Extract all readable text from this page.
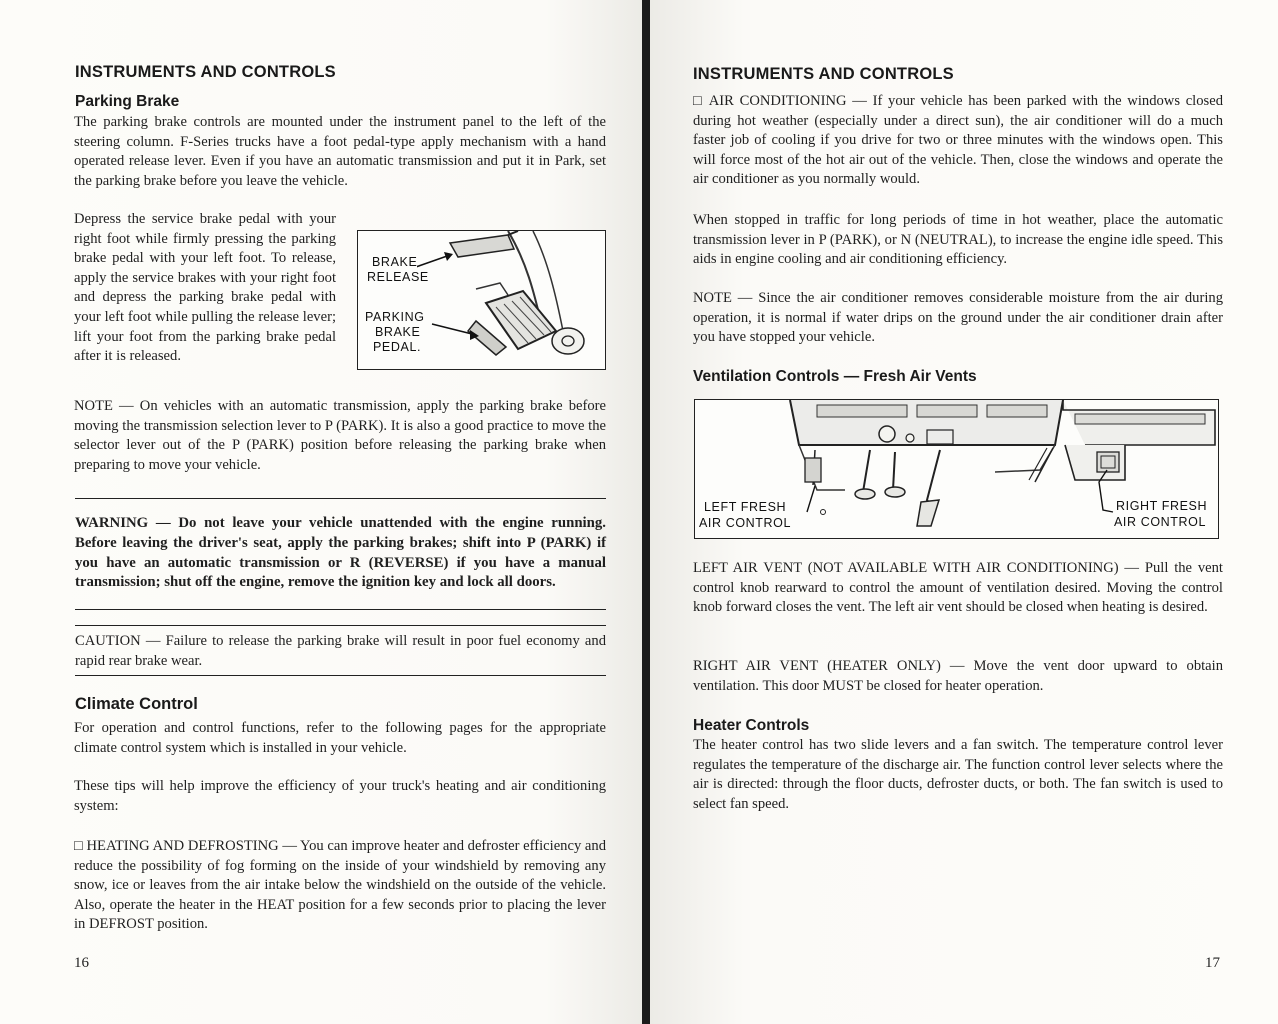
INSTRUMENTS AND CONTROLS
Parking Brake
The parking brake controls are mounted under the instrument panel to the left of the steering column. F-Series trucks have a foot pedal-type apply mechanism with a hand operated release lever. Even if you have an automatic transmission and put it in Park, set the parking brake before you leave the vehicle.
Depress the service brake pedal with your right foot while firmly pressing the parking brake pedal with your left foot. To release, apply the service brakes with your right foot and depress the parking brake pedal with your left foot while pulling the release lever; lift your foot from the parking brake pedal after it is released.
BRAKE
RELEASE
PARKING
BRAKE
PEDAL.
NOTE — On vehicles with an automatic transmission, apply the parking brake before moving the transmission selection lever to P (PARK). It is also a good practice to move the selector lever out of the P (PARK) position before releasing the parking brake when preparing to move your vehicle.
WARNING — Do not leave your vehicle unattended with the engine running. Before leaving the driver's seat, apply the parking brakes; shift into P (PARK) if you have an automatic transmission or R (REVERSE) if you have a manual transmission; shut off the engine, remove the ignition key and lock all doors.
CAUTION — Failure to release the parking brake will result in poor fuel economy and rapid rear brake wear.
Climate Control
For operation and control functions, refer to the following pages for the appropriate climate control system which is installed in your vehicle.
These tips will help improve the efficiency of your truck's heating and air conditioning system:
□ HEATING AND DEFROSTING — You can improve heater and defroster efficiency and reduce the possibility of fog forming on the inside of your windshield by removing any snow, ice or leaves from the air intake below the windshield on the outside of the vehicle. Also, operate the heater in the HEAT position for a few seconds prior to placing the lever in DEFROST position.
16
INSTRUMENTS AND CONTROLS
□ AIR CONDITIONING — If your vehicle has been parked with the windows closed during hot weather (especially under a direct sun), the air conditioner will do a much faster job of cooling if you drive for two or three minutes with the windows open. This will force most of the hot air out of the vehicle. Then, close the windows and operate the air conditioner as you normally would.
When stopped in traffic for long periods of time in hot weather, place the automatic transmission lever in P (PARK), or N (NEUTRAL), to increase the engine idle speed. This aids in engine cooling and air conditioning efficiency.
NOTE — Since the air conditioner removes considerable moisture from the air during operation, it is normal if water drips on the ground under the air conditioner drain after you have stopped your vehicle.
Ventilation Controls — Fresh Air Vents
LEFT FRESH
AIR CONTROL
RIGHT FRESH
AIR CONTROL
LEFT AIR VENT (NOT AVAILABLE WITH AIR CONDITIONING) — Pull the vent control knob rearward to control the amount of ventilation desired. Moving the control knob forward closes the vent. The left air vent should be closed when heating is desired.
RIGHT AIR VENT (HEATER ONLY) — Move the vent door upward to obtain ventilation. This door MUST be closed for heater operation.
Heater Controls
The heater control has two slide levers and a fan switch. The temperature control lever regulates the temperature of the discharge air. The function control lever selects where the air is directed: through the floor ducts, defroster ducts, or both. The fan switch is used to select fan speed.
17
